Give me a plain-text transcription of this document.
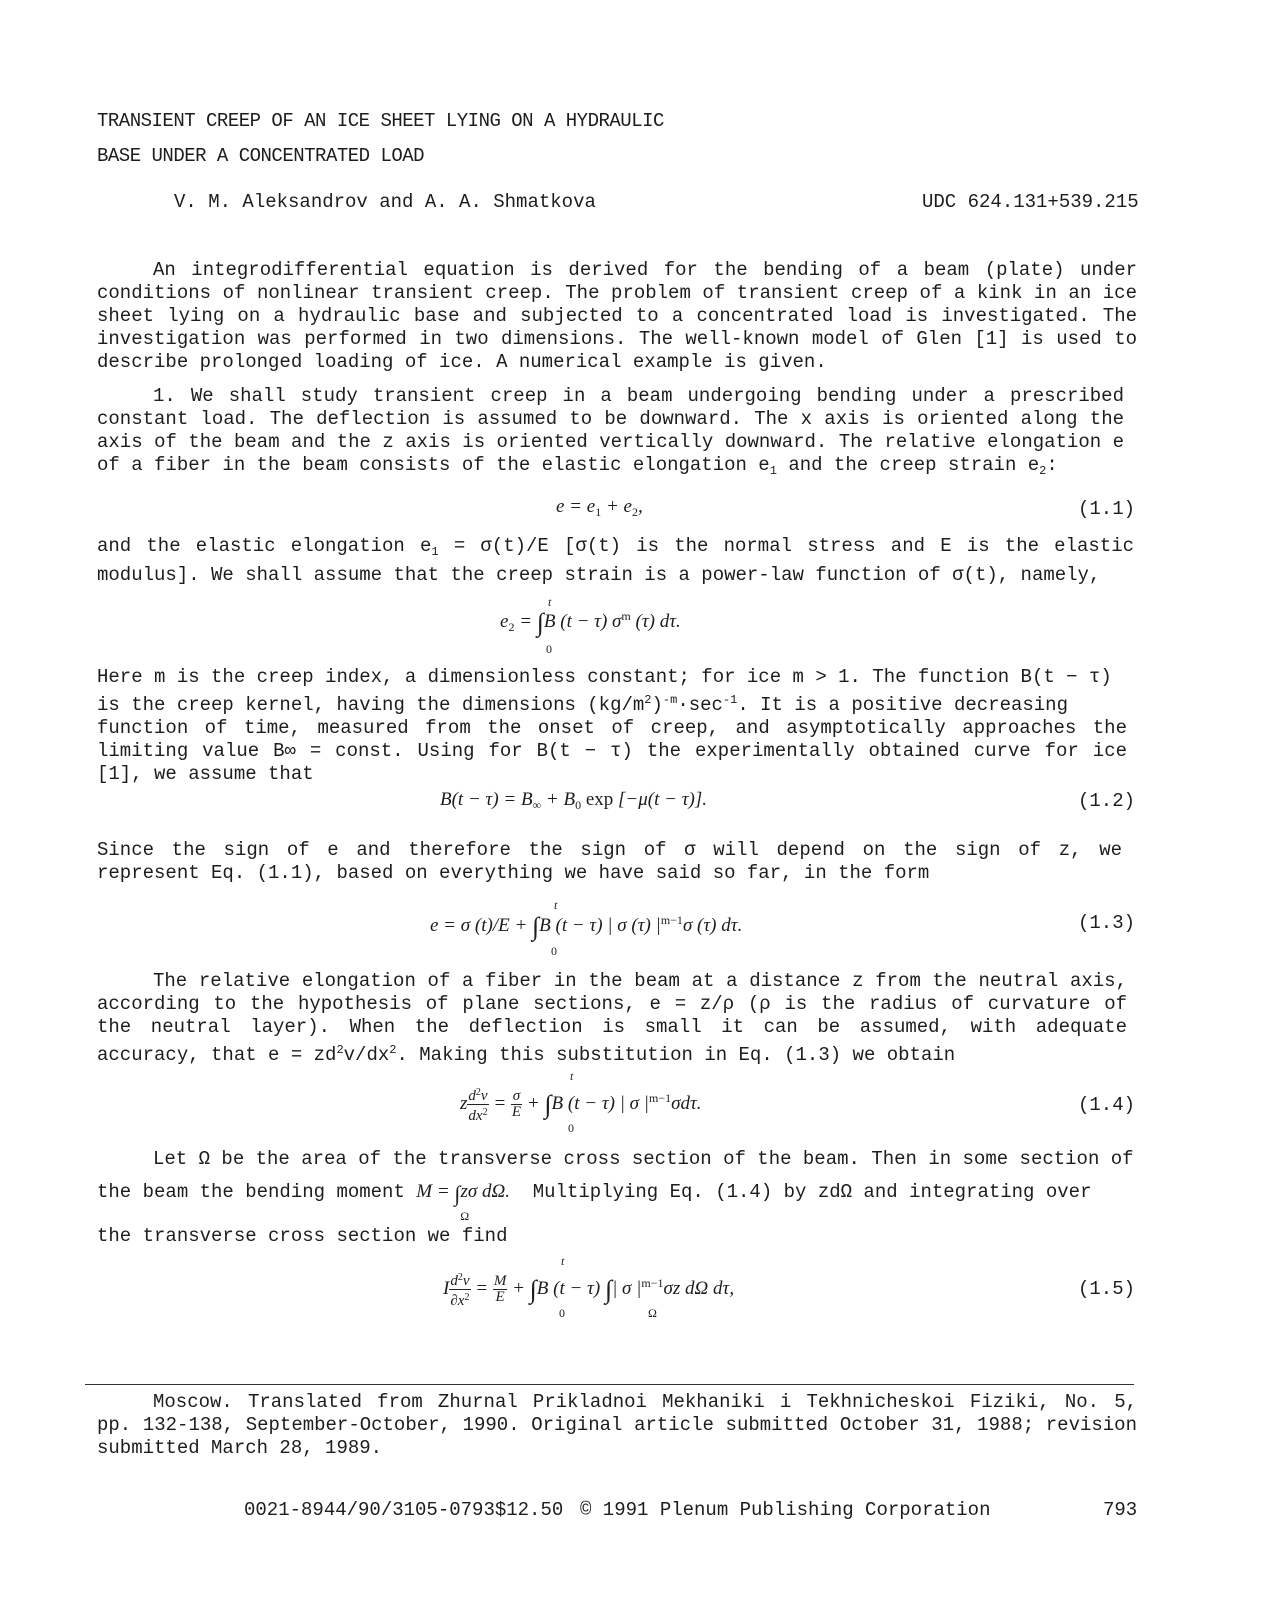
TRANSIENT CREEP OF AN ICE SHEET LYING ON A HYDRAULIC
BASE UNDER A CONCENTRATED LOAD
V. M. Aleksandrov and A. A. Shmatkova	UDC 624.131+539.215
An integrodifferential equation is derived for the bending of a beam (plate) under conditions of nonlinear transient creep. The problem of transient creep of a kink in an ice sheet lying on a hydraulic base and subjected to a concentrated load is investigated. The investigation was performed in two dimensions. The well-known model of Glen [1] is used to describe prolonged loading of ice. A numerical example is given.
1. We shall study transient creep in a beam undergoing bending under a prescribed constant load. The deflection is assumed to be downward. The x axis is oriented along the axis of the beam and the z axis is oriented vertically downward. The relative elongation e of a fiber in the beam consists of the elastic elongation $e_1$ and the creep strain $e_2$:
$e = e_1 + e_2$,	(1.1)
and the elastic elongation $e_1 = \sigma(t)/E$ [σ(t) is the normal stress and E is the elastic modulus]. We shall assume that the creep strain is a power-law function of σ(t), namely,
t
0
$e_2 = \int B$ (t − τ) $\sigma^m$ (τ) dτ.
Here m is the creep index, a dimensionless constant; for ice m > 1. The function B(t − τ)
is the creep kernel, having the dimensions $(kg/m^2)^{-m}\cdot\sec^{-1}$. It is a positive decreasing
function of time, measured from the onset of creep, and asymptotically approaches the limiting value B∞ = const. Using for B(t − τ) the experimentally obtained curve for ice [1], we assume that
$B(t - \tau) = B_\infty + B_0$ exp [−μ(t − τ)].	(1.2)
Since the sign of e and therefore the sign of σ will depend on the sign of z, we represent Eq. (1.1), based on everything we have said so far, in the form
t
0
e = σ (t)/E + ∫B (t − τ) | σ (τ) $|^{m-1}\sigma$ (τ) dτ.	(1.3)
The relative elongation of a fiber in the beam at a distance z from the neutral axis, according to the hypothesis of plane sections, e = z/ρ (ρ is the radius of curvature of the neutral layer). When the deflection is small it can be assumed, with adequate accuracy, that $e = zd^2v/dx^2$. Making this substitution in Eq. (1.3) we obtain
t
0
z $\frac{d^2v}{dx^2} = \frac{\sigma}{E} + \int B$ (t − τ) | σ $|^{m-1}\sigma d\tau$.	(1.4)
Let Ω be the area of the transverse cross section of the beam. Then in some section of
the beam the bending moment M = ∫zσ dΩ.
Ω
Multiplying Eq. (1.4) by zdΩ and integrating over
the transverse cross section we find
t
0	Ω
I $\frac{d^2v}{\partial x^2} = \frac{M}{E} + \int B$ (t − τ) ∫| σ $|^{m-1}\sigma z$ dΩ dτ,	(1.5)
Moscow. Translated from Zhurnal Prikladnoi Mekhaniki i Tekhnicheskoi Fiziki, No. 5, pp. 132-138, September-October, 1990. Original article submitted October 31, 1988; revision submitted March 28, 1989.
0021-8944/90/3105-0793$12.50 © 1991 Plenum Publishing Corporation	793
